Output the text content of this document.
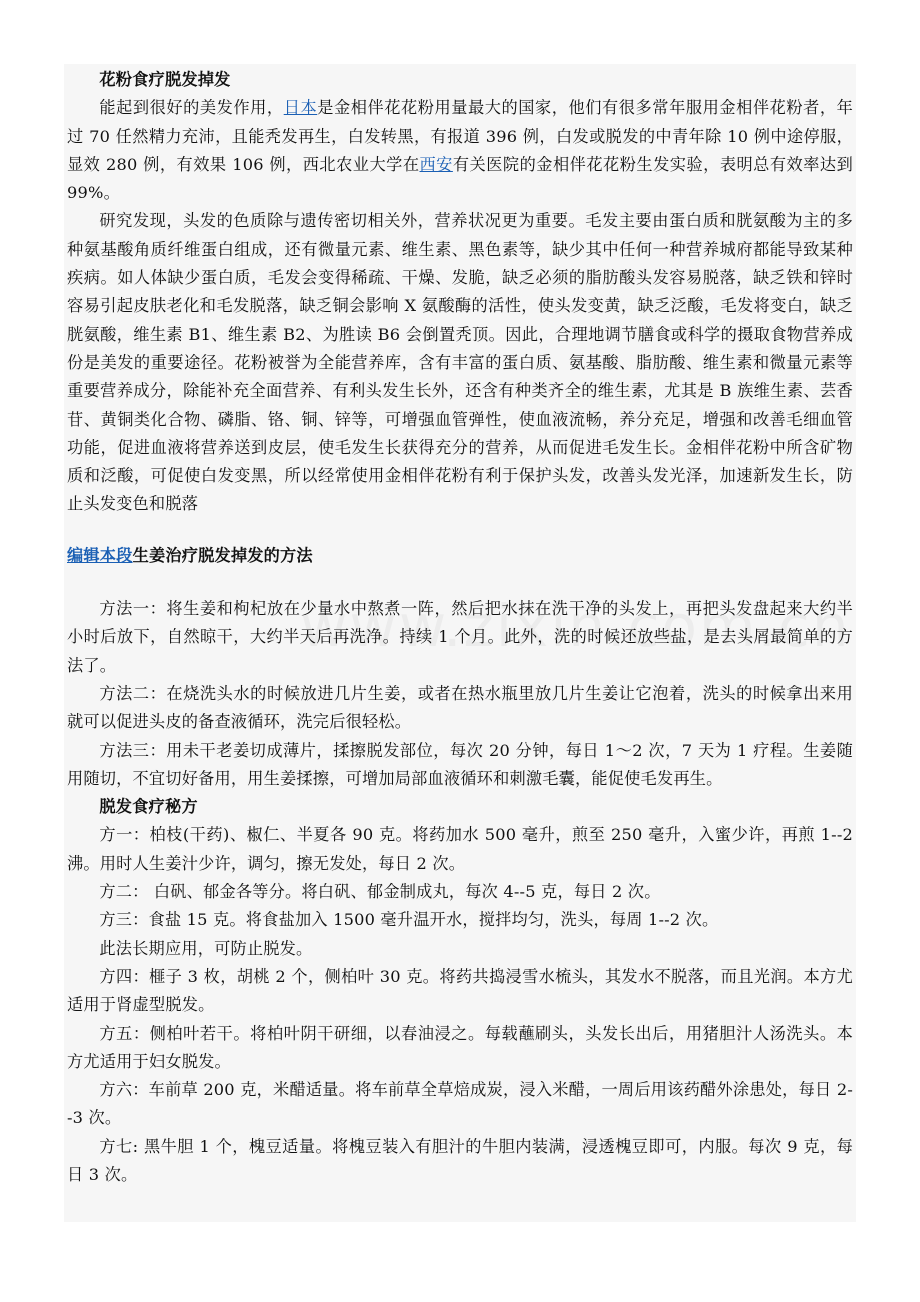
花粉食疗脱发掉发

能起到很好的美发作用，日本是金相伴花花粉用量最大的国家，他们有很多常年服用金相伴花粉者，年过 70 任然精力充沛，且能秃发再生，白发转黑，有报道 396 例，白发或脱发的中青年除 10 例中途停服，显效 280 例，有效果 106 例，西北农业大学在西安有关医院的金相伴花花粉生发实验，表明总有效率达到 99%。

研究发现，头发的色质除与遗传密切相关外，营养状况更为重要。毛发主要由蛋白质和胱氨酸为主的多种氨基酸角质纤维蛋白组成，还有微量元素、维生素、黑色素等，缺少其中任何一种营养城府都能导致某种疾病。如人体缺少蛋白质，毛发会变得稀疏、干燥、发脆，缺乏必须的脂肪酸头发容易脱落，缺乏铁和锌时容易引起皮肤老化和毛发脱落，缺乏铜会影响 X 氨酸酶的活性，使头发变黄，缺乏泛酸，毛发将变白，缺乏胱氨酸，维生素 B1、维生素 B2、为胜读 B6 会倒置秃顶。因此，合理地调节膳食或科学的摄取食物营养成份是美发的重要途径。花粉被誉为全能营养库，含有丰富的蛋白质、氨基酸、脂肪酸、维生素和微量元素等重要营养成分，除能补充全面营养、有利头发生长外，还含有种类齐全的维生素，尤其是 B 族维生素、芸香苷、黄铜类化合物、磷脂、铬、铜、锌等，可增强血管弹性，使血液流畅，养分充足，增强和改善毛细血管功能，促进血液将营养送到皮层，使毛发生长获得充分的营养，从而促进毛发生长。金相伴花粉中所含矿物质和泛酸，可促使白发变黑，所以经常使用金相伴花粉有利于保护头发，改善头发光泽，加速新发生长，防止头发变色和脱落

编辑本段生姜治疗脱发掉发的方法

方法一：将生姜和枸杞放在少量水中熬煮一阵，然后把水抹在洗干净的头发上，再把头发盘起来大约半小时后放下，自然晾干，大约半天后再洗净。持续 1 个月。此外，洗的时候还放些盐，是去头屑最简单的方法了。

方法二：在烧洗头水的时候放进几片生姜，或者在热水瓶里放几片生姜让它泡着，洗头的时候拿出来用就可以促进头皮的备查液循环，洗完后很轻松。

方法三：用未干老姜切成薄片，揉擦脱发部位，每次 20 分钟，每日 1～2 次，7 天为 1 疗程。生姜随用随切，不宜切好备用，用生姜揉擦，可增加局部血液循环和刺激毛囊，能促使毛发再生。

脱发食疗秘方

方一：柏枝(干药)、椒仁、半夏各 90 克。将药加水 500 毫升，煎至 250 毫升，入蜜少许，再煎 1--2 沸。用时人生姜汁少许，调匀，擦无发处，每日 2 次。

方二： 白矾、郁金各等分。将白矾、郁金制成丸，每次 4--5 克，每日 2 次。

方三：食盐 15 克。将食盐加入 1500 毫升温开水，搅拌均匀，洗头，每周 1--2 次。

此法长期应用，可防止脱发。

方四：榧子 3 枚，胡桃 2 个，侧柏叶 30 克。将药共捣浸雪水梳头，其发水不脱落，而且光润。本方尤适用于肾虚型脱发。

方五：侧柏叶若干。将柏叶阴干研细，以春油浸之。每载蘸刷头，头发长出后，用猪胆汁人汤洗头。本方尤适用于妇女脱发。

方六：车前草 200 克，米醋适量。将车前草全草焙成炭，浸入米醋，一周后用该药醋外涂患处，每日 2--3 次。

方七: 黑牛胆 1 个，槐豆适量。将槐豆装入有胆汁的牛胆内装满，浸透槐豆即可，内服。每次 9 克，每日 3 次。
